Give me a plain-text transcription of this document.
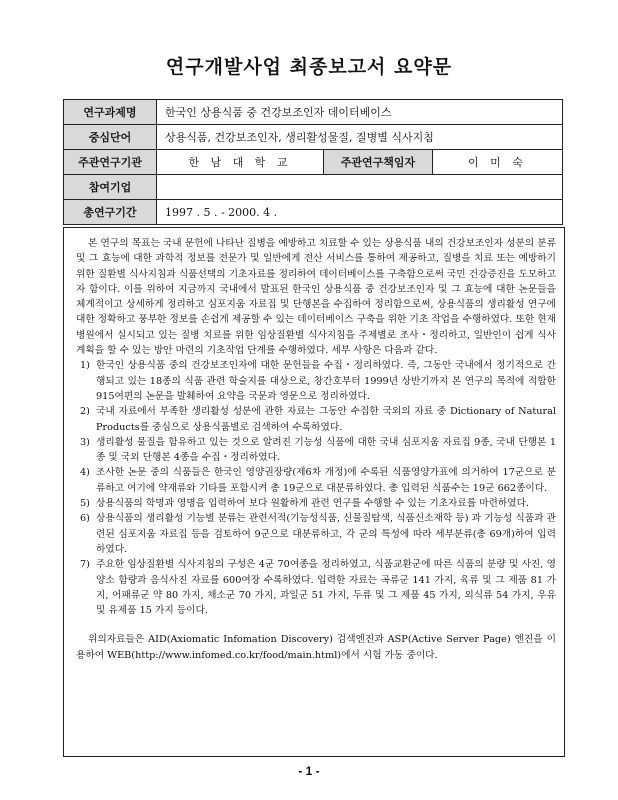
연구개발사업 최종보고서 요약문
연구과제명	한국인 상용식품 중 건강보조인자 데이터베이스		
중심단어	상용식품, 건강보조인자, 생리활성물질, 질병별 식사지침		
주관연구기관	한 남 대 학 교	주관연구책임자	이 미 숙
참여기업			
총연구기간	1997 . 5 . - 2000. 4 .		

본 연구의 목표는 국내 문헌에 나타난 질병을 예방하고 치료할 수 있는 상용식품 내의 건강보조인자 성분의 분류 및 그 효능에 대한 과학적 정보를 전문가 및 일반에게 전산 서비스를 통하여 제공하고, 질병을 치료 또는 예방하기 위한 질환별 식사지침과 식품선택의 기초자료를 정리하여 데이터베이스를 구축함으로써 국민 건강증진을 도모하고자 함이다. 이를 위하여 지금까지 국내에서 발표된 한국인 상용식품 중 건강보조인자 및 그 효능에 대한 논문들을 체계적이고 상세하게 정리하고 심포지움 자료집 및 단행본을 수집하여 정리함으로써, 상용식품의 생리활성 연구에 대한 정확하고 풍부한 정보를 손쉽게 제공할 수 있는 데이터베이스 구축을 위한 기초 작업을 수행하였다. 또한 현재 병원에서 실시되고 있는 질병 치료를 위한 임상질환별 식사지침을 주제별로 조사・정리하고, 일반인이 쉽게 식사계획을 할 수 있는 방안 마련의 기초작업 단계를 수행하였다. 세부 사항은 다음과 같다.

1) 한국인 상용식품 중의 건강보조인자에 대한 문헌들을 수집・정리하였다. 즉, 그동안 국내에서 정기적으로 간행되고 있는 18종의 식품 관련 학술지를 대상으로, 창간호부터 1999년 상반기까지 본 연구의 목적에 적합한 915여편의 논문을 발췌하여 요약을 국문과 영문으로 정리하였다.
2) 국내 자료에서 부족한 생리활성 성분에 관한 자료는 그동안 수집한 국외의 자료 중 Dictionary of Natural Products를 중심으로 상용식품별로 검색하여 수록하였다.
3) 생리활성 물질을 함유하고 있는 것으로 알려진 기능성 식품에 대한 국내 심포지움 자료집 9종, 국내 단행본 1종 및 국외 단행본 4종을 수집・정리하였다.
4) 조사한 논문 중의 식품들은 한국인 영양권장량(제6차 개정)에 수록된 식품영양가표에 의거하여 17군으로 분류하고 여기에 약재류와 기타를 포함시켜 총 19군으로 대분류하였다. 총 입력된 식품수는 19군 662종이다.
5) 상용식품의 학명과 영명을 입력하여 보다 원활하게 관련 연구를 수행할 수 있는 기초자료를 마련하였다.
6) 상용식품의 생리활성 기능별 분류는 관련서적(기능성식품, 신물질탐색, 식품신소재학 등) 과 기능성 식품과 관련된 심포지움 자료집 등을 검토하여 9군으로 대분류하고, 각 군의 특성에 따라 세부분류(총 69개)하여 입력하였다.
7) 주요한 임상질환별 식사지침의 구성은 4군 70여종을 정리하였고, 식품교환군에 따른 식품의 분량 및 사진, 영양소 함량과 음식사진 자료를 600여장 수록하였다. 입력한 자료는 곡류군 141 가지, 육류 및 그 제품 81 가지, 어패류군 약 80 가지, 채소군 70 가지, 과일군 51 가지, 두류 및 그 제품 45 가지, 외식류 54 가지, 우유 및 유제품 15 가지 등이다.

위의자료들은 AID(Axiomatic Infomation Discovery) 검색엔진과 ASP(Active Server Page) 엔진을 이용하여 WEB(http://www.infomed.co.kr/food/main.html)에서 시험 가동 중이다.

- 1 -
